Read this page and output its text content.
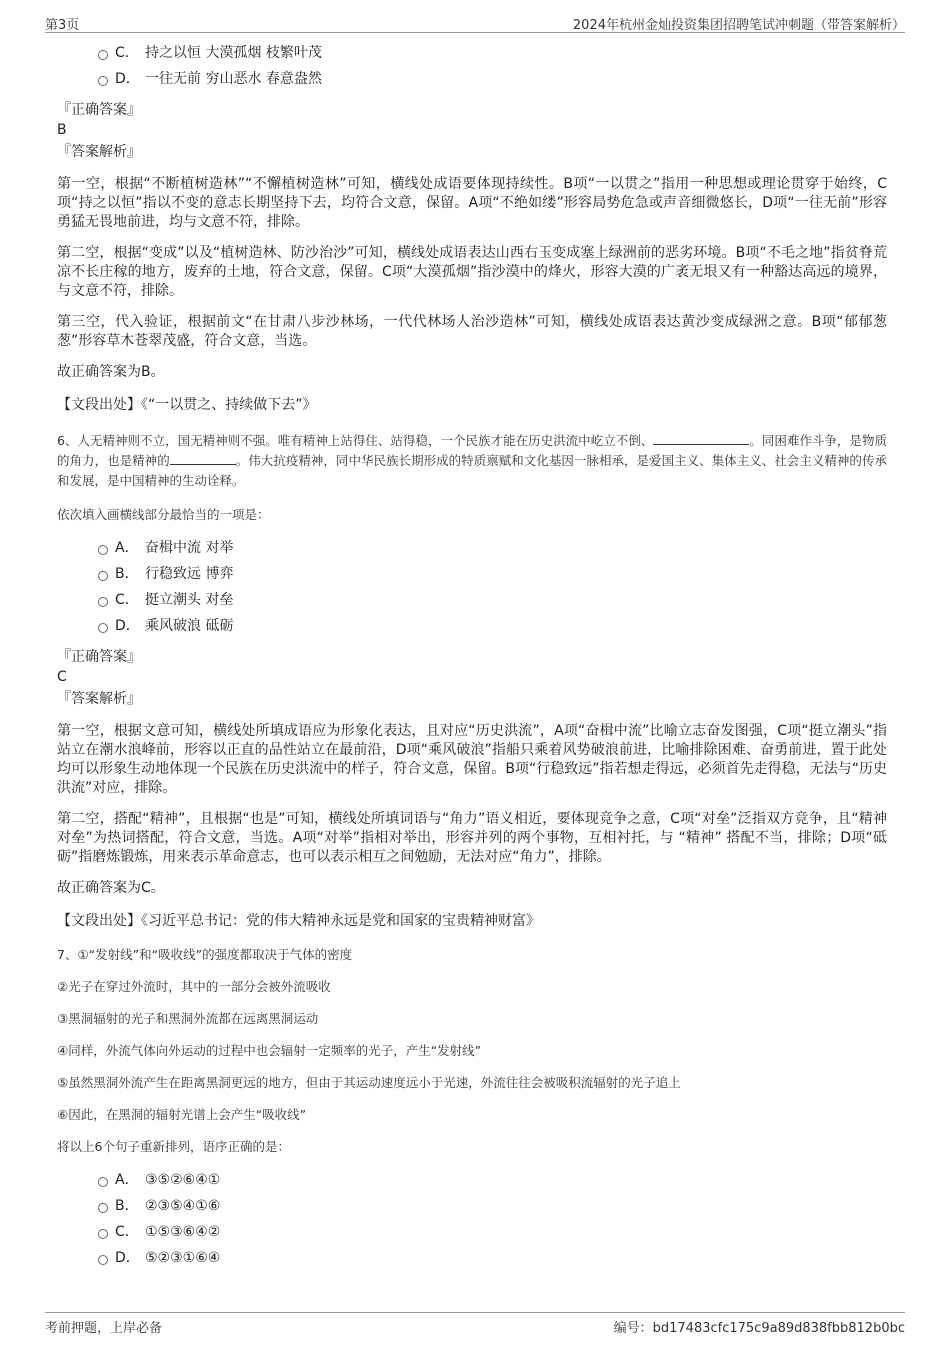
第3页	2024年杭州金灿投资集团招聘笔试冲刺题（带答案解析）
C． 持之以恒 大漠孤烟 枝繁叶茂
D． 一往无前 穷山恶水 春意盎然
『正确答案』
B
『答案解析』

第一空，根据“不断植树造林”“不懈植树造林”可知，横线处成语要体现持续性。B项“一以贯之”指用一种思想或理论贯穿于始终，C项“持之以恒”指以不变的意志长期坚持下去，均符合文意，保留。A项“不绝如缕”形容局势危急或声音细微悠长，D项“一往无前”形容勇猛无畏地前进，均与文意不符，排除。

第二空，根据“变成”以及“植树造林、防沙治沙”可知，横线处成语表达山西右玉变成塞上绿洲前的恶劣环境。B项“不毛之地”指贫脊荒凉不长庄稼的地方，废弃的土地，符合文意，保留。C项“大漠孤烟”指沙漠中的烽火，形容大漠的广袤无垠又有一种豁达高远的境界，与文意不符，排除。

第三空，代入验证，根据前文“在甘肃八步沙林场，一代代林场人治沙造林”可知，横线处成语表达黄沙变成绿洲之意。B项“郁郁葱葱”形容草木苍翠茂盛，符合文意，当选。

故正确答案为B。

【文段出处】《“一以贯之、持续做下去”》

6、人无精神则不立，国无精神则不强。唯有精神上站得住、站得稳，一个民族才能在历史洪流中屹立不倒、	。同困难作斗争，是物质的角力，也是精神的	。伟大抗疫精神，同中华民族长期形成的特质禀赋和文化基因一脉相承，是爱国主义、集体主义、社会主义精神的传承和发展，是中国精神的生动诠释。
依次填入画横线部分最恰当的一项是：
A． 奋楫中流 对举
B． 行稳致远 博弈
C． 挺立潮头 对垒
D． 乘风破浪 砥砺
『正确答案』
C
『答案解析』

第一空，根据文意可知，横线处所填成语应为形象化表达，且对应“历史洪流”，A项“奋楫中流”比喻立志奋发图强，C项“挺立潮头”指站立在潮水浪峰前，形容以正直的品性站立在最前沿，D项“乘风破浪”指船只乘着风势破浪前进，比喻排除困难、奋勇前进，置于此处均可以形象生动地体现一个民族在历史洪流中的样子，符合文意，保留。B项“行稳致远”指若想走得远，必须首先走得稳，无法与“历史洪流”对应，排除。

第二空，搭配“精神”，且根据“也是”可知，横线处所填词语与“角力”语义相近，要体现竞争之意，C项“对垒”泛指双方竞争，且“精神对垒”为热词搭配，符合文意，当选。A项“对举”指相对举出，形容并列的两个事物，互相衬托，与 “精神” 搭配不当，排除；D项“砥砺”指磨炼锻炼，用来表示革命意志，也可以表示相互之间勉励，无法对应“角力”，排除。

故正确答案为C。

【文段出处】《习近平总书记：党的伟大精神永远是党和国家的宝贵精神财富》

7、①“发射线”和“吸收线”的强度都取决于气体的密度
②光子在穿过外流时，其中的一部分会被外流吸收
③黑洞辐射的光子和黑洞外流都在远离黑洞运动
④同样，外流气体向外运动的过程中也会辐射一定频率的光子，产生“发射线”
⑤虽然黑洞外流产生在距离黑洞更远的地方，但由于其运动速度远小于光速，外流往往会被吸积流辐射的光子追上
⑥因此，在黑洞的辐射光谱上会产生“吸收线”
将以上6个句子重新排列，语序正确的是：
A． ③⑤②⑥④①
B． ②③⑤④①⑥
C． ①⑤③⑥④②
D． ⑤②③①⑥④
考前押题，上岸必备	编号：bd17483cfc175c9a89d838fbb812b0bc
